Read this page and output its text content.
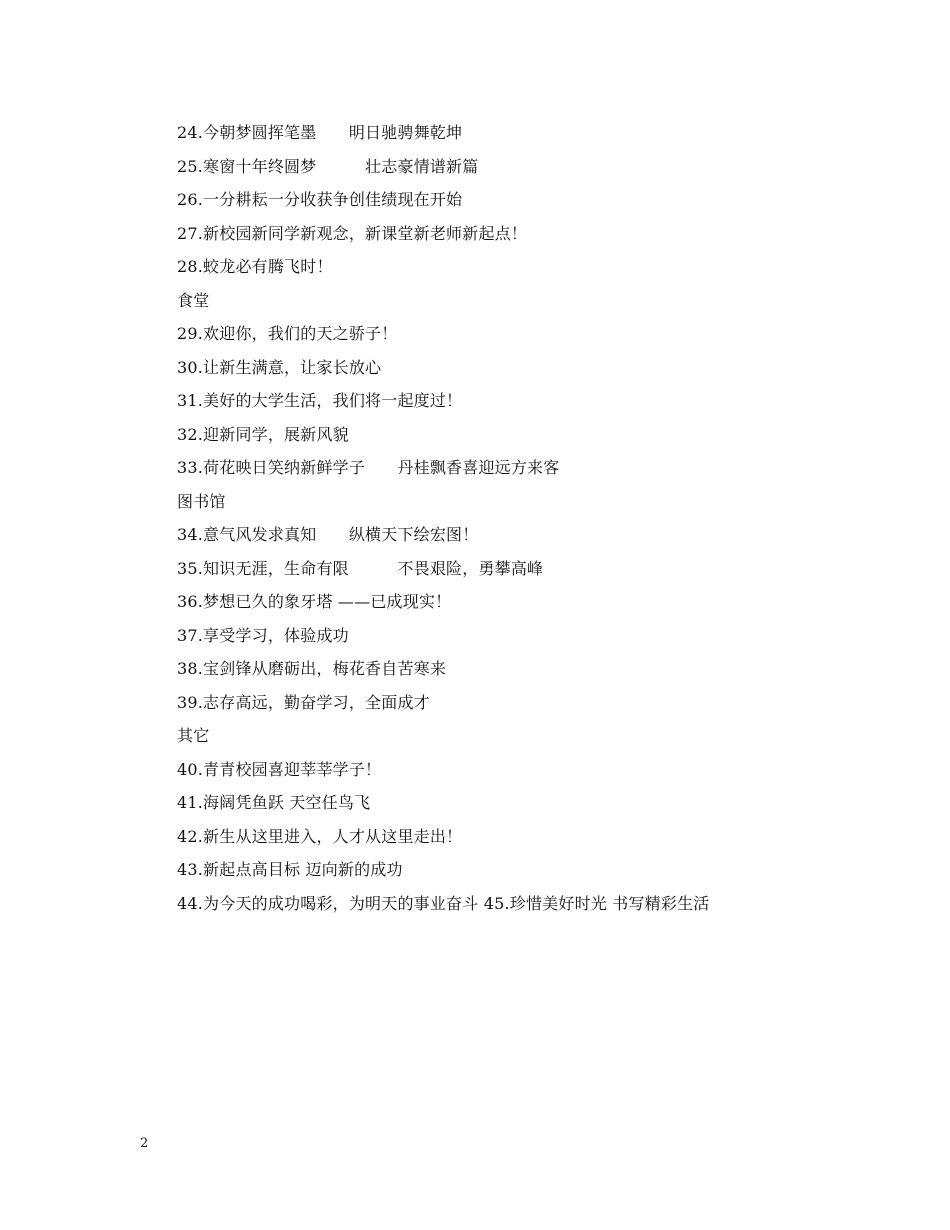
24.今朝梦圆挥笔墨　　明日驰骋舞乾坤
25.寒窗十年终圆梦　　　壮志豪情谱新篇
26.一分耕耘一分收获争创佳绩现在开始
27.新校园新同学新观念，新课堂新老师新起点！
28.蛟龙必有腾飞时！
食堂
29.欢迎你，我们的天之骄子！
30.让新生满意，让家长放心
31.美好的大学生活，我们将一起度过！
32.迎新同学，展新风貌
33.荷花映日笑纳新鲜学子　　丹桂飘香喜迎远方来客
图书馆
34.意气风发求真知　　纵横天下绘宏图！
35.知识无涯，生命有限　　　不畏艰险，勇攀高峰
36.梦想已久的象牙塔 ——已成现实！
37.享受学习，体验成功
38.宝剑锋从磨砺出，梅花香自苦寒来
39.志存高远，勤奋学习，全面成才
其它
40.青青校园喜迎莘莘学子！
41.海阔凭鱼跃 天空任鸟飞
42.新生从这里进入，人才从这里走出！
43.新起点高目标 迈向新的成功
44.为今天的成功喝彩，为明天的事业奋斗 45.珍惜美好时光 书写精彩生活
2
